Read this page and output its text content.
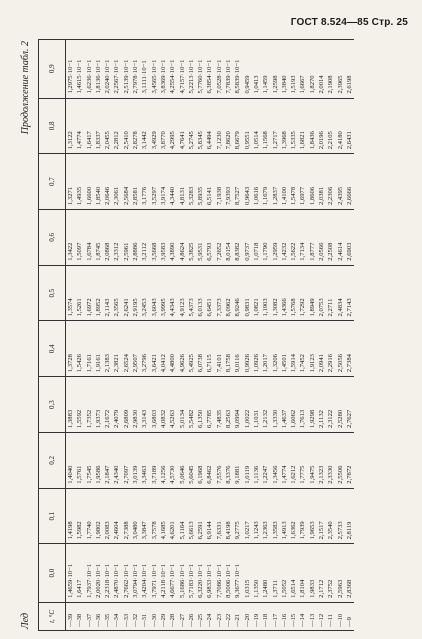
ГОСТ 8.524—85 Стр. 25
Лед
Продолжение табл. 2
t, °C	0,0	0,1	0,2	0,3	0,4	0,5	0,6	0,7	0,8	0,9
—39	1,4659·10−1	1,4198	1,4040	1,3883	1,3728	1,3574	1,3422	1,3271	1,3122	1,2975·10−1
—38	1,6417	1,5982	1,5761	1,5592	1,5426	1,5261	1,5097	1,4935	1,4774	1,4615·10−1
—37	1,7937·10−1	1,7740	1,7545	1,7352	1,7161	1,6972	1,6784	1,6600	1,6417	1,6236·10−1
—36	2,0020·10−1	1,9802	1,9586	1,9373	1,9161	1,8952	1,8745	1,8540	1,8337	1,8136·10−1
—35	2,2318·10−1	2,0083	2,1847	2,1672	2,1383	2,1143	2,0868	2,0646	2,0455	2,0240·10−1
—34	2,4870·10−1	2,4604	2,4340	2,4079	2,3821	2,3565	2,3312	2,3061	2,2812	2,2567·10−1
—33	2,7662·10−1	2,7388	2,7097	2,6809	2,6524	2,6241	2,5961	2,5684	2,5410	2,5139·10−1
—32	3,0794·10−1	3,0480	3,0139	2,9830	2,9507	2,9195	2,8886	2,8581	2,8278	2,7978·10−1
—31	3,4204·10−1	3,3847	3,3463	3,3143	3,2796	3,2453	3,2112	3,1776	3,1442	3,1111·10−1
—30	3,7971·10−1	3,7578	3,7189	3,6803	3,6421	3,6043	3,5668	3,5297	3,4929	3,4565·10−1
—29	4,2118·10−1	4,1685	4,1256	4,0832	4,0412	3,9995	3,9583	3,9174	3,8770	3,8369·10−1
—28	4,6677·10−1	4,6201	4,5730	4,5263	4,4800	4,4343	4,3890	4,3440	4,2995	4,2554·10−1
—27	5,1686·10−1	5,1164	5,0646	5,0134	4,9626	4,9123	4,8624	4,8131	4,7641	4,7157·10−1
—26	5,7183·10−1	5,6613	5,6045	5,5482	5,4925	5,4373	5,3825	5,3283	5,2745	5,2213·10−1
—25	6,3220·10−1	6,2591	6,1968	6,1350	6,0738	6,0133	5,9531	5,8935	5,8345	5,7760·10−1
—24	6,9833·10−1	6,9144	6,8462	6,7785	6,7115	6,6451	6,5793	6,5141	6,4494	6,3854·10−1
—23	7,7086·10−1	7,6331	7,5576	7,4835	7,4101	7,3373	7,2652	7,1938	7,1230	7,0528·10−1
—22	8,5006·10−1	8,4198	8,3376	8,2563	8,1758	8,0962	8,0154	7,9393	7,8620	7,7839·10−1
—21	9,3677·10−1	9,2775	9,1881	9,0994	9,0116	8,9246	8,8382	8,7527	8,6679	8,5839·10−1
—20	1,0315	1,0217	1,0119	1,0022	0,9926	0,9831	0,9737	0,9643	0,9551	0,9459
—19	1,1350	1,1243	1,1136	1,1031	1,0926	1,0821	1,0718	1,0616	1,0514	1,0413
—18	1,2480	1,2363	1,2247	1,2132	1,2017	1,1903	1,1790	1,1679	1,1568	1,1459
—17	1,3711	1,3583	1,3456	1,3330	1,3206	1,3082	1,2959	1,2837	1,2717	1,2598
—16	1,5052	1,4913	1,4774	1,4637	1,4501	1,4366	1,4232	1,4100	1,3968	1,3840
—15	1,6514	1,6362	1,6212	1,6062	1,5914	1,5768	1,5622	1,5478	1,5335	1,5193
—14	1,8104	1,7939	1,7775	1,7613	1,7452	1,7292	1,7134	1,6977	1,6821	1,6667
—13	1,9833	1,9653	1,9475	1,9298	1,9123	1,8949	1,8777	1,8606	1,8436	1,8270
—12	2,1712	2,1517	2,1323	2,1132	2,0941	2,0753	2,0566	2,0381	2,0196	2,0014
—11	2,3752	2,3540	2,3330	2,3122	2,2916	2,2711	2,2508	2,2306	2,2105	2,1908
—10	2,5963	2,5733	2,5506	2,5280	2,5056	2,4834	2,4614	2,4395	2,4180	2,3965
—9	2,8368	2,8119	2,7872	2,7627	2,7384	2,7143	2,6903	2,6666	2,6431	2,6198
